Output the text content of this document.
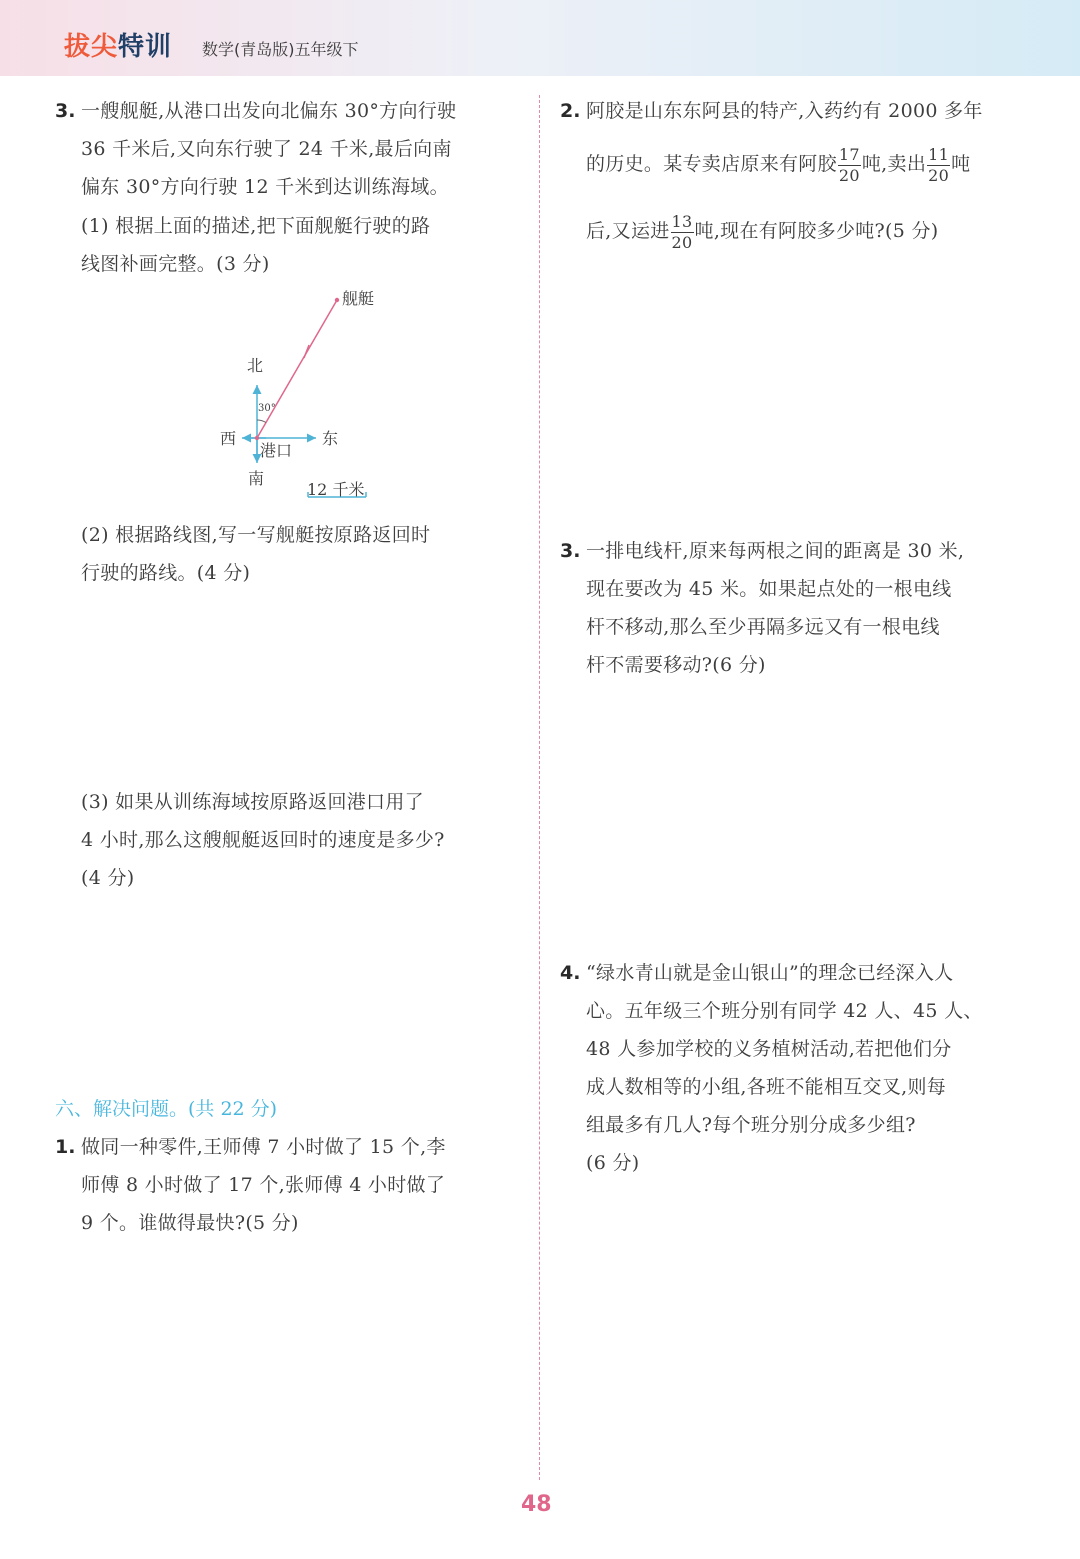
拔尖特训 数学(青岛版)五年级下
3. 一艘舰艇,从港口出发向北偏东 30°方向行驶
36 千米后,又向东行驶了 24 千米,最后向南
偏东 30°方向行驶 12 千米到达训练海域。
(1) 根据上面的描述,把下面舰艇行驶的路
线图补画完整。(3 分)
舰艇
北
30°
西	东
港口
南
12 千米
(2) 根据路线图,写一写舰艇按原路返回时
行驶的路线。(4 分)
(3) 如果从训练海域按原路返回港口用了
4 小时,那么这艘舰艇返回时的速度是多少?
(4 分)
六、解决问题。(共 22 分)
1. 做同一种零件,王师傅 7 小时做了 15 个,李
师傅 8 小时做了 17 个,张师傅 4 小时做了
9 个。谁做得最快?(5 分)
2. 阿胶是山东东阿县的特产,入药约有 2000 多年
的历史。某专卖店原来有阿胶 $\frac{17}{20}$ 吨,卖出 $\frac{11}{20}$ 吨
后,又运进 $\frac{13}{20}$ 吨,现在有阿胶多少吨?(5 分)
3. 一排电线杆,原来每两根之间的距离是 30 米,
现在要改为 45 米。如果起点处的一根电线
杆不移动,那么至少再隔多远又有一根电线
杆不需要移动?(6 分)
4. “绿水青山就是金山银山”的理念已经深入人
心。五年级三个班分别有同学 42 人、45 人、
48 人参加学校的义务植树活动,若把他们分
成人数相等的小组,各班不能相互交叉,则每
组最多有几人?每个班分别分成多少组?
(6 分)
48
